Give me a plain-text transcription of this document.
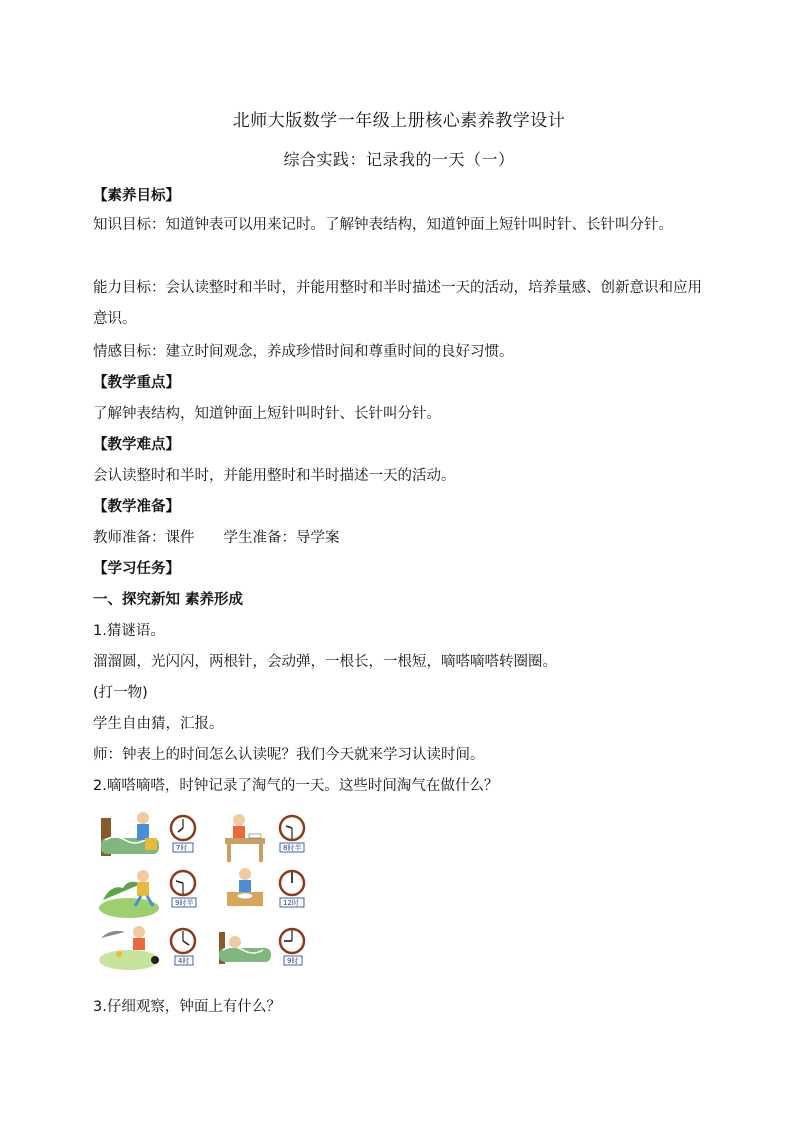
北师大版数学一年级上册核心素养教学设计
综合实践：记录我的一天（一）
【素养目标】
知识目标：知道钟表可以用来记时。了解钟表结构，知道钟面上短针叫时针、长针叫分针。
能力目标：会认读整时和半时，并能用整时和半时描述一天的活动，培养量感、创新意识和应用意识。
情感目标：建立时间观念，养成珍惜时间和尊重时间的良好习惯。
【教学重点】
了解钟表结构，知道钟面上短针叫时针、长针叫分针。
【教学难点】
会认读整时和半时，并能用整时和半时描述一天的活动。
【教学准备】
教师准备：课件　　学生准备：导学案
【学习任务】
一、探究新知 素养形成
1.猜谜语。
溜溜圆，光闪闪，两根针，会动弹，一根长，一根短，嘀嗒嘀嗒转圈圈。
(打一物)
学生自由猜，汇报。
师：钟表上的时间怎么认读呢？我们今天就来学习认读时间。
2.嘀嗒嘀嗒，时钟记录了淘气的一天。这些时间淘气在做什么？
7时	8时半
9时半	12时
4时	9时
3.仔细观察，钟面上有什么？
